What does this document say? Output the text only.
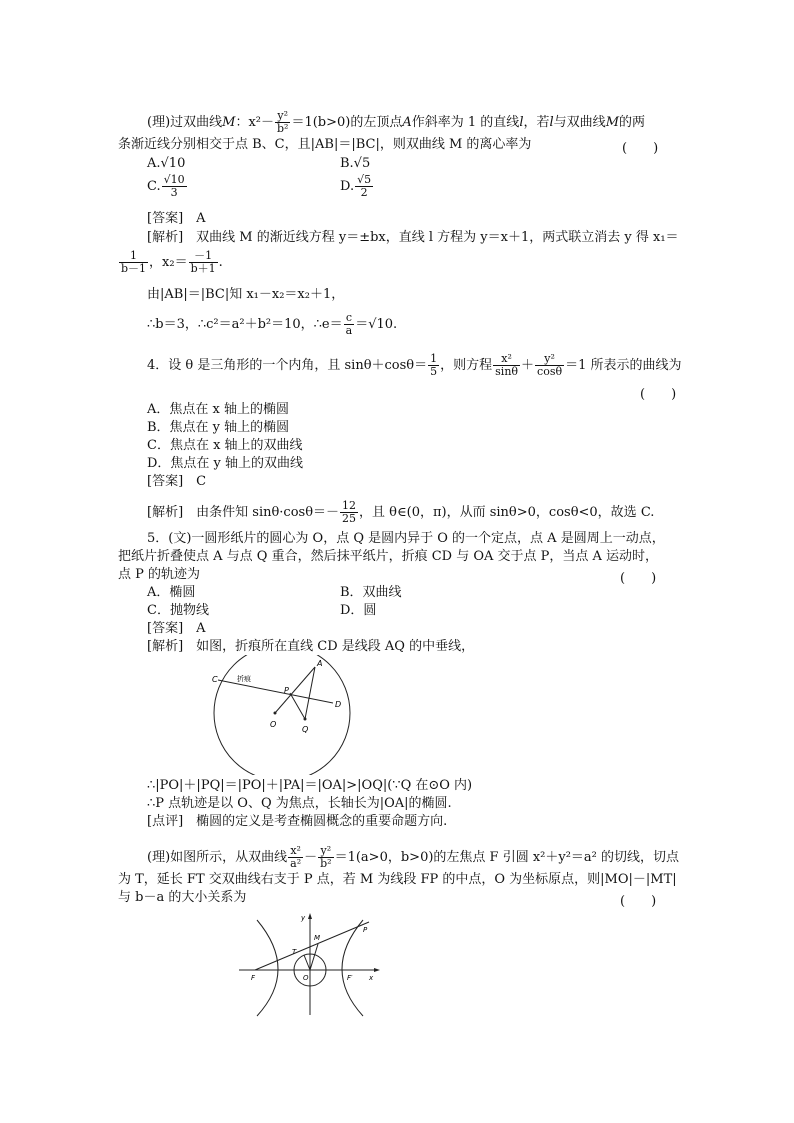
(理)过双曲线M：$x^2- \frac{\text{y²}}{\text{b²}} =1(b>0)$的左顶点A作斜率为 1 的直线l，若l与双曲线M的两
条渐近线分别相交于点 B、C，且|AB|＝|BC|，则双曲线 M 的离心率为	(　　)
A.√10	B.√5
C. $\frac{√10}{3}$	D. $\frac{√5}{2}$
[答案]　A
[解析]　双曲线 M 的渐近线方程 y＝±bx，直线 l 方程为 y＝x＋1，两式联立消去 y 得 x₁＝
$\frac{1}{b-1}$ ，$x_2= \frac{-1}{b+1}$ .
由|AB|＝|BC|知 x₁－x₂＝x₂＋1，
∴b＝3，∴c²＝a²＋b²＝10，∴e＝ $\frac{c}{a} =√10$.
4．设 θ 是三角形的一个内角，且 $\sin\theta+\cos\theta= \frac{1}{5}$ ，则方程 $\frac{\text{x²}}{\sin\theta} + \frac{\text{y²}}{\cos\theta} =1$ 所表示的曲线为
(　　)
A．焦点在 x 轴上的椭圆
B．焦点在 y 轴上的椭圆
C．焦点在 x 轴上的双曲线
D．焦点在 y 轴上的双曲线
[答案]　C
[解析]　由条件知 $\sin\theta\cdot\cos\theta=- \frac{12}{25}$ ，且 θ∈(0，π)，从而 sinθ>0，cosθ<0，故选 C.
5．(文)一圆形纸片的圆心为 O，点 Q 是圆内异于 O 的一个定点，点 A 是圆周上一动点，
把纸片折叠使点 A 与点 Q 重合，然后抹平纸片，折痕 CD 与 OA 交于点 P，当点 A 运动时，
点 P 的轨迹为	(　　)
A．椭圆	B．双曲线
C．抛物线	D．圆
[答案]　A
[解析]　如图，折痕所在直线 CD 是线段 AQ 的中垂线，
A
C
D
P
O
Q
折痕
∴|PO|＋|PQ|＝|PO|＋|PA|＝|OA|>|OQ|(∵Q 在⊙O 内)
∴P 点轨迹是以 O、Q 为焦点，长轴长为|OA|的椭圆.
[点评]　椭圆的定义是考查椭圆概念的重要命题方向.
(理)如图所示，从双曲线 $\frac{\text{x²}}{\text{a²}} - \frac{\text{y²}}{\text{b²}} =1(a>0$，b>0)的左焦点 F 引圆 x²＋y²＝a² 的切线，切点
为 T，延长 FT 交双曲线右支于 P 点，若 M 为线段 FP 的中点，O 为坐标原点，则|MO|－|MT|
与 b－a 的大小关系为	(　　)
y
x
T
M
P
F	O	F′
